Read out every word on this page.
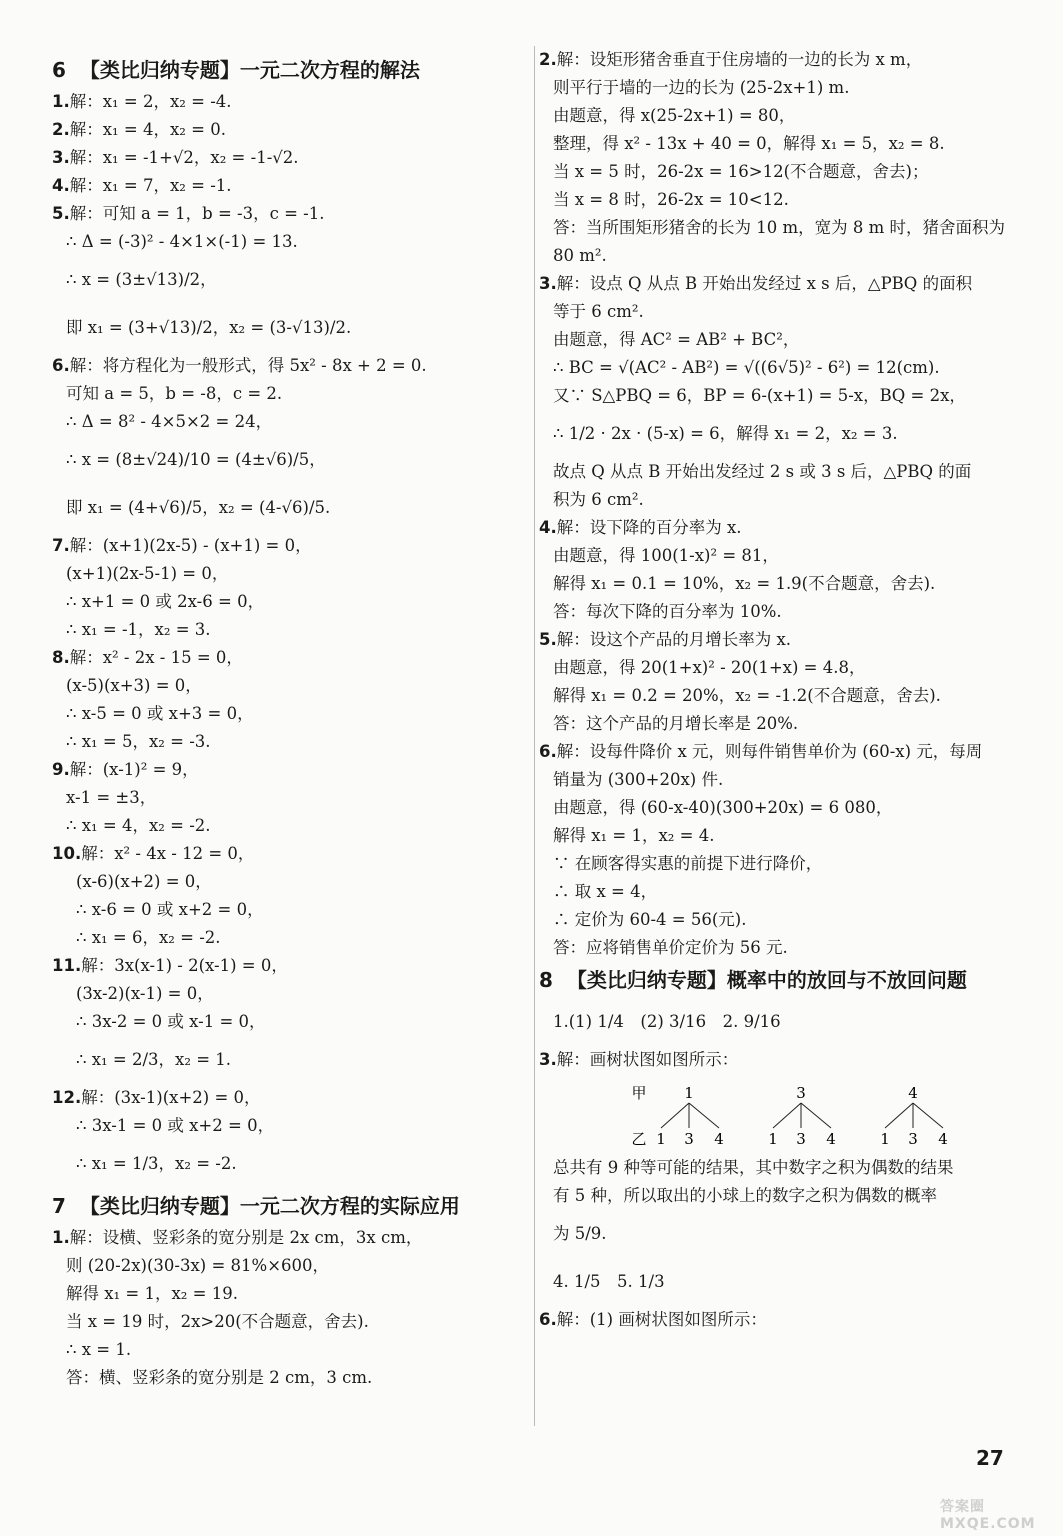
6 【类比归纳专题】一元二次方程的解法
1.解：x₁ = 2，x₂ = -4.
2.解：x₁ = 4，x₂ = 0.
3.解：x₁ = -1+√2，x₂ = -1-√2.
4.解：x₁ = 7，x₂ = -1.
5.解：可知 a = 1，b = -3，c = -1.
∴ Δ = (-3)² - 4×1×(-1) = 13.
∴ x = (3±√13)/2，
即 x₁ = (3+√13)/2，x₂ = (3-√13)/2.
6.解：将方程化为一般形式，得 5x² - 8x + 2 = 0.
可知 a = 5，b = -8，c = 2.
∴ Δ = 8² - 4×5×2 = 24，
∴ x = (8±√24)/10 = (4±√6)/5，
即 x₁ = (4+√6)/5，x₂ = (4-√6)/5.
7.解：(x+1)(2x-5) - (x+1) = 0，
(x+1)(2x-5-1) = 0，
∴ x+1 = 0 或 2x-6 = 0，
∴ x₁ = -1，x₂ = 3.
8.解：x² - 2x - 15 = 0，
(x-5)(x+3) = 0，
∴ x-5 = 0 或 x+3 = 0，
∴ x₁ = 5，x₂ = -3.
9.解：(x-1)² = 9，
x-1 = ±3，
∴ x₁ = 4，x₂ = -2.
10.解：x² - 4x - 12 = 0，
(x-6)(x+2) = 0，
∴ x-6 = 0 或 x+2 = 0，
∴ x₁ = 6，x₂ = -2.
11.解：3x(x-1) - 2(x-1) = 0，
(3x-2)(x-1) = 0，
∴ 3x-2 = 0 或 x-1 = 0，
∴ x₁ = 2/3，x₂ = 1.
12.解：(3x-1)(x+2) = 0，
∴ 3x-1 = 0 或 x+2 = 0，
∴ x₁ = 1/3，x₂ = -2.
7 【类比归纳专题】一元二次方程的实际应用
1.解：设横、竖彩条的宽分别是 2x cm，3x cm，
则 (20-2x)(30-3x) = 81%×600，
解得 x₁ = 1，x₂ = 19.
当 x = 19 时，2x>20(不合题意，舍去).
∴ x = 1.
答：横、竖彩条的宽分别是 2 cm，3 cm.
2.解：设矩形猪舍垂直于住房墙的一边的长为 x m，
则平行于墙的一边的长为 (25-2x+1) m.
由题意，得 x(25-2x+1) = 80，
整理，得 x² - 13x + 40 = 0，解得 x₁ = 5，x₂ = 8.
当 x = 5 时，26-2x = 16>12(不合题意，舍去)；
当 x = 8 时，26-2x = 10<12.
答：当所围矩形猪舍的长为 10 m，宽为 8 m 时，猪舍面积为
80 m².
3.解：设点 Q 从点 B 开始出发经过 x s 后，△PBQ 的面积
等于 6 cm².
由题意，得 AC² = AB² + BC²，
∴ BC = √(AC² - AB²) = √((6√5)² - 6²) = 12(cm).
又∵ S△PBQ = 6，BP = 6-(x+1) = 5-x，BQ = 2x，
∴ 1/2 · 2x · (5-x) = 6，解得 x₁ = 2，x₂ = 3.
故点 Q 从点 B 开始出发经过 2 s 或 3 s 后，△PBQ 的面
积为 6 cm².
4.解：设下降的百分率为 x.
由题意，得 100(1-x)² = 81，
解得 x₁ = 0.1 = 10%，x₂ = 1.9(不合题意，舍去).
答：每次下降的百分率为 10%.
5.解：设这个产品的月增长率为 x.
由题意，得 20(1+x)² - 20(1+x) = 4.8，
解得 x₁ = 0.2 = 20%，x₂ = -1.2(不合题意，舍去).
答：这个产品的月增长率是 20%.
6.解：设每件降价 x 元，则每件销售单价为 (60-x) 元，每周
销量为 (300+20x) 件.
由题意，得 (60-x-40)(300+20x) = 6 080，
解得 x₁ = 1，x₂ = 4.
∵ 在顾客得实惠的前提下进行降价，
∴ 取 x = 4，
∴ 定价为 60-4 = 56(元).
答：应将销售单价定价为 56 元.
8 【类比归纳专题】概率中的放回与不放回问题
1.(1) 1/4　(2) 3/16　2. 9/16
3.解：画树状图如图所示：
甲
乙
1
1 3 4
3
1 3 4
4
1 3 4
总共有 9 种等可能的结果，其中数字之积为偶数的结果
有 5 种，所以取出的小球上的数字之积为偶数的概率
为 5/9.
4. 1/5　5. 1/3
6.解：(1) 画树状图如图所示：
27
答案圈 MXQE.COM
